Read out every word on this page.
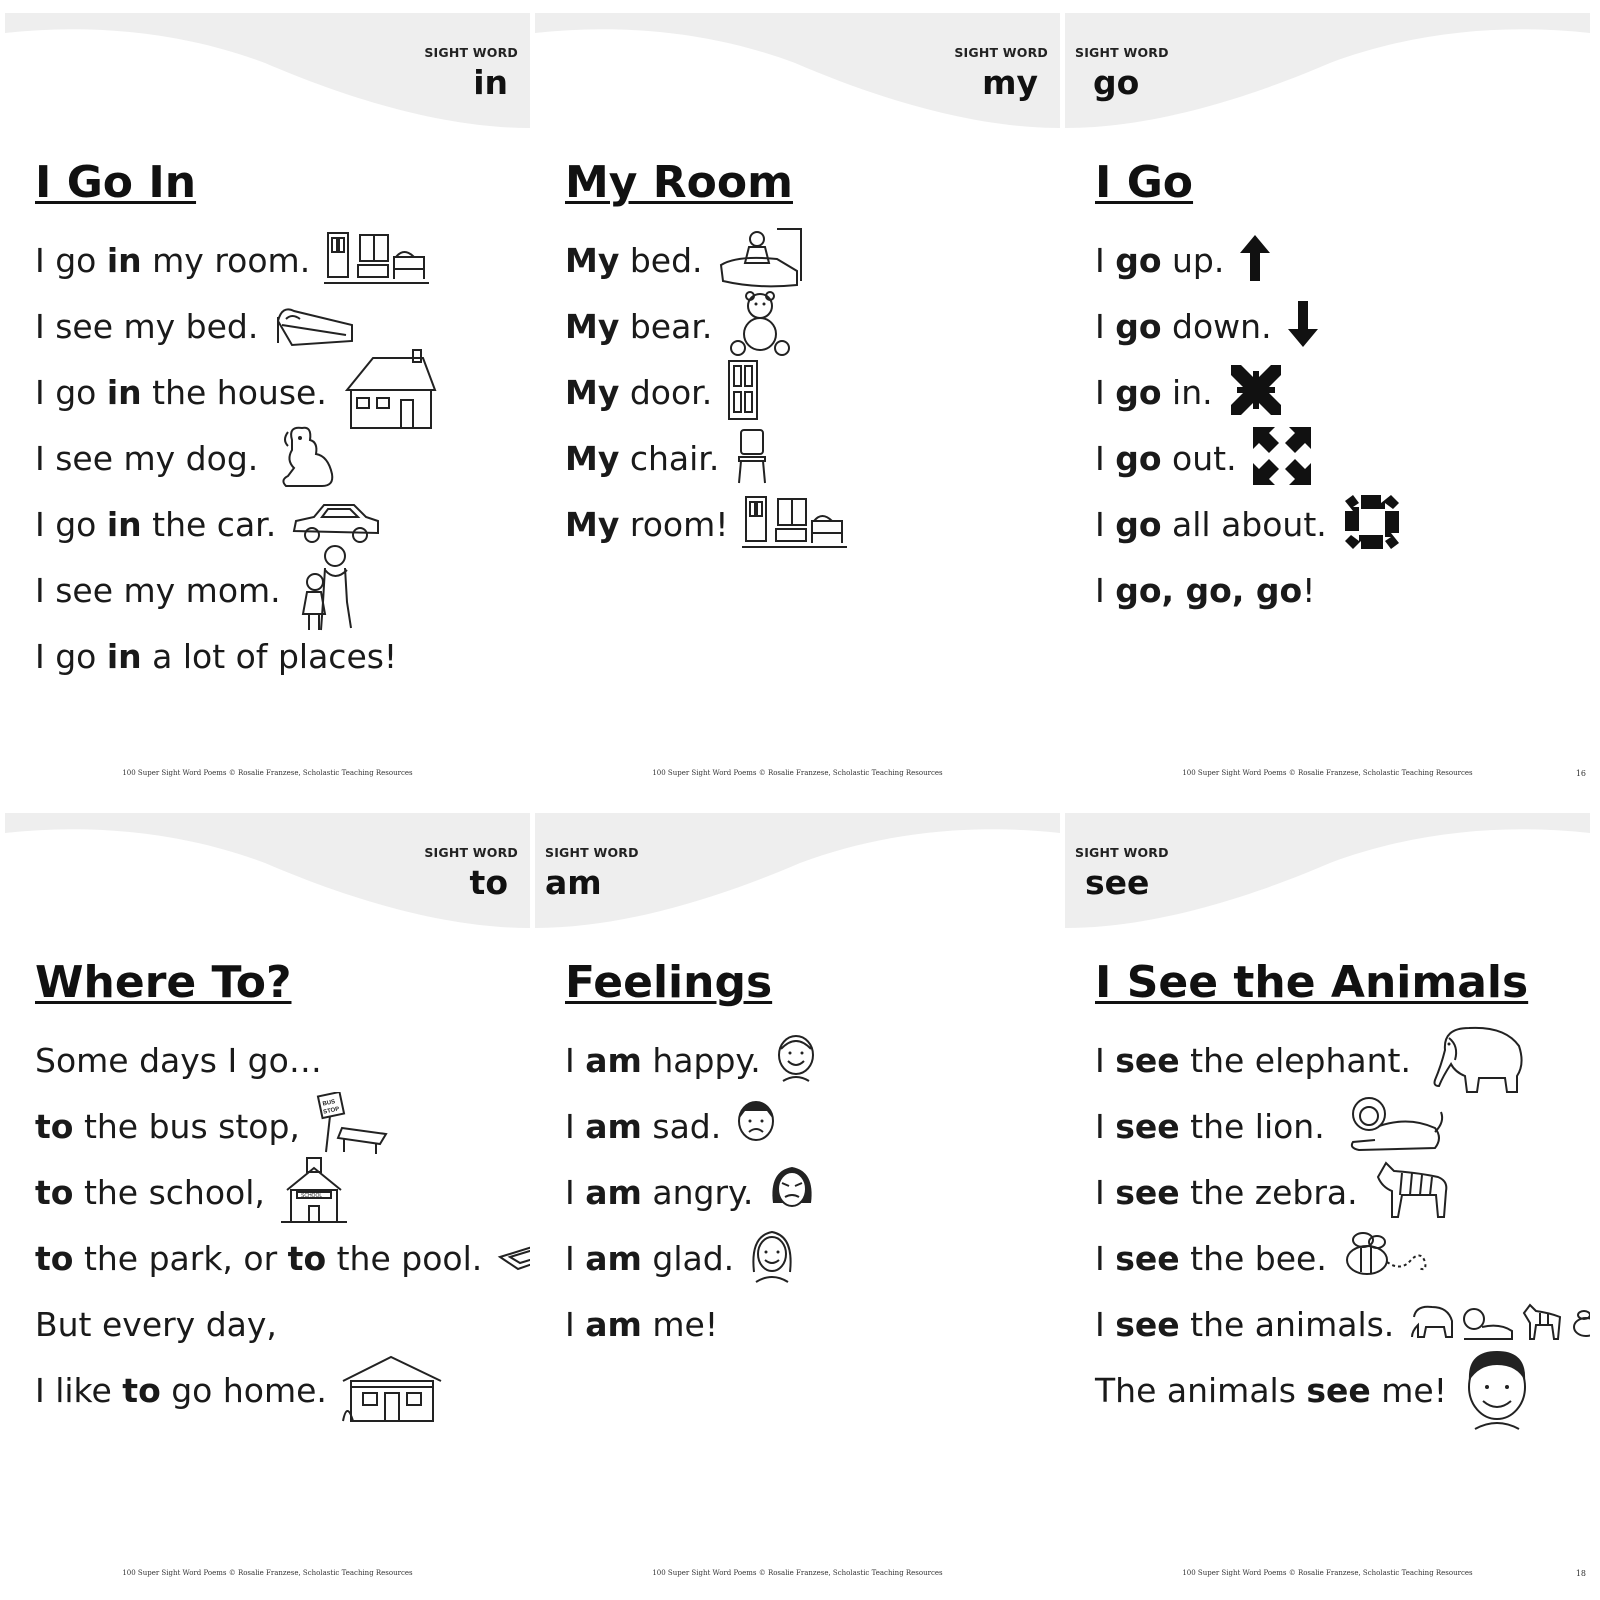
SIGHT WORD
in
I Go In
I go in my room.
I see my bed.
I go in the house.
I see my dog.
I go in the car.
I see my mom.
I go in a lot of places!
100 Super Sight Word Poems © Rosalie Franzese, Scholastic Teaching Resources
SIGHT WORD
my
My Room
My bed.
My bear.
My door.
My chair.
My room!
100 Super Sight Word Poems © Rosalie Franzese, Scholastic Teaching Resources
SIGHT WORD
go
I Go
I go up.
I go down.
I go in.
I go out.
I go all about.
I go, go, go!
100 Super Sight Word Poems © Rosalie Franzese, Scholastic Teaching Resources	16
SIGHT WORD
to
Where To?
Some days I go…
to the bus stop,
BUS
STOP
to the school,	SCHOOL
to the park, or to the pool.
But every day,
I like to go home.
100 Super Sight Word Poems © Rosalie Franzese, Scholastic Teaching Resources
SIGHT WORD
am
Feelings
I am happy.
I am sad.
I am angry.
I am glad.
I am me!
100 Super Sight Word Poems © Rosalie Franzese, Scholastic Teaching Resources
SIGHT WORD
see
I See the Animals
I see the elephant.
I see the lion.
I see the zebra.
I see the bee.
I see the animals.
The animals see me!
100 Super Sight Word Poems © Rosalie Franzese, Scholastic Teaching Resources	18
